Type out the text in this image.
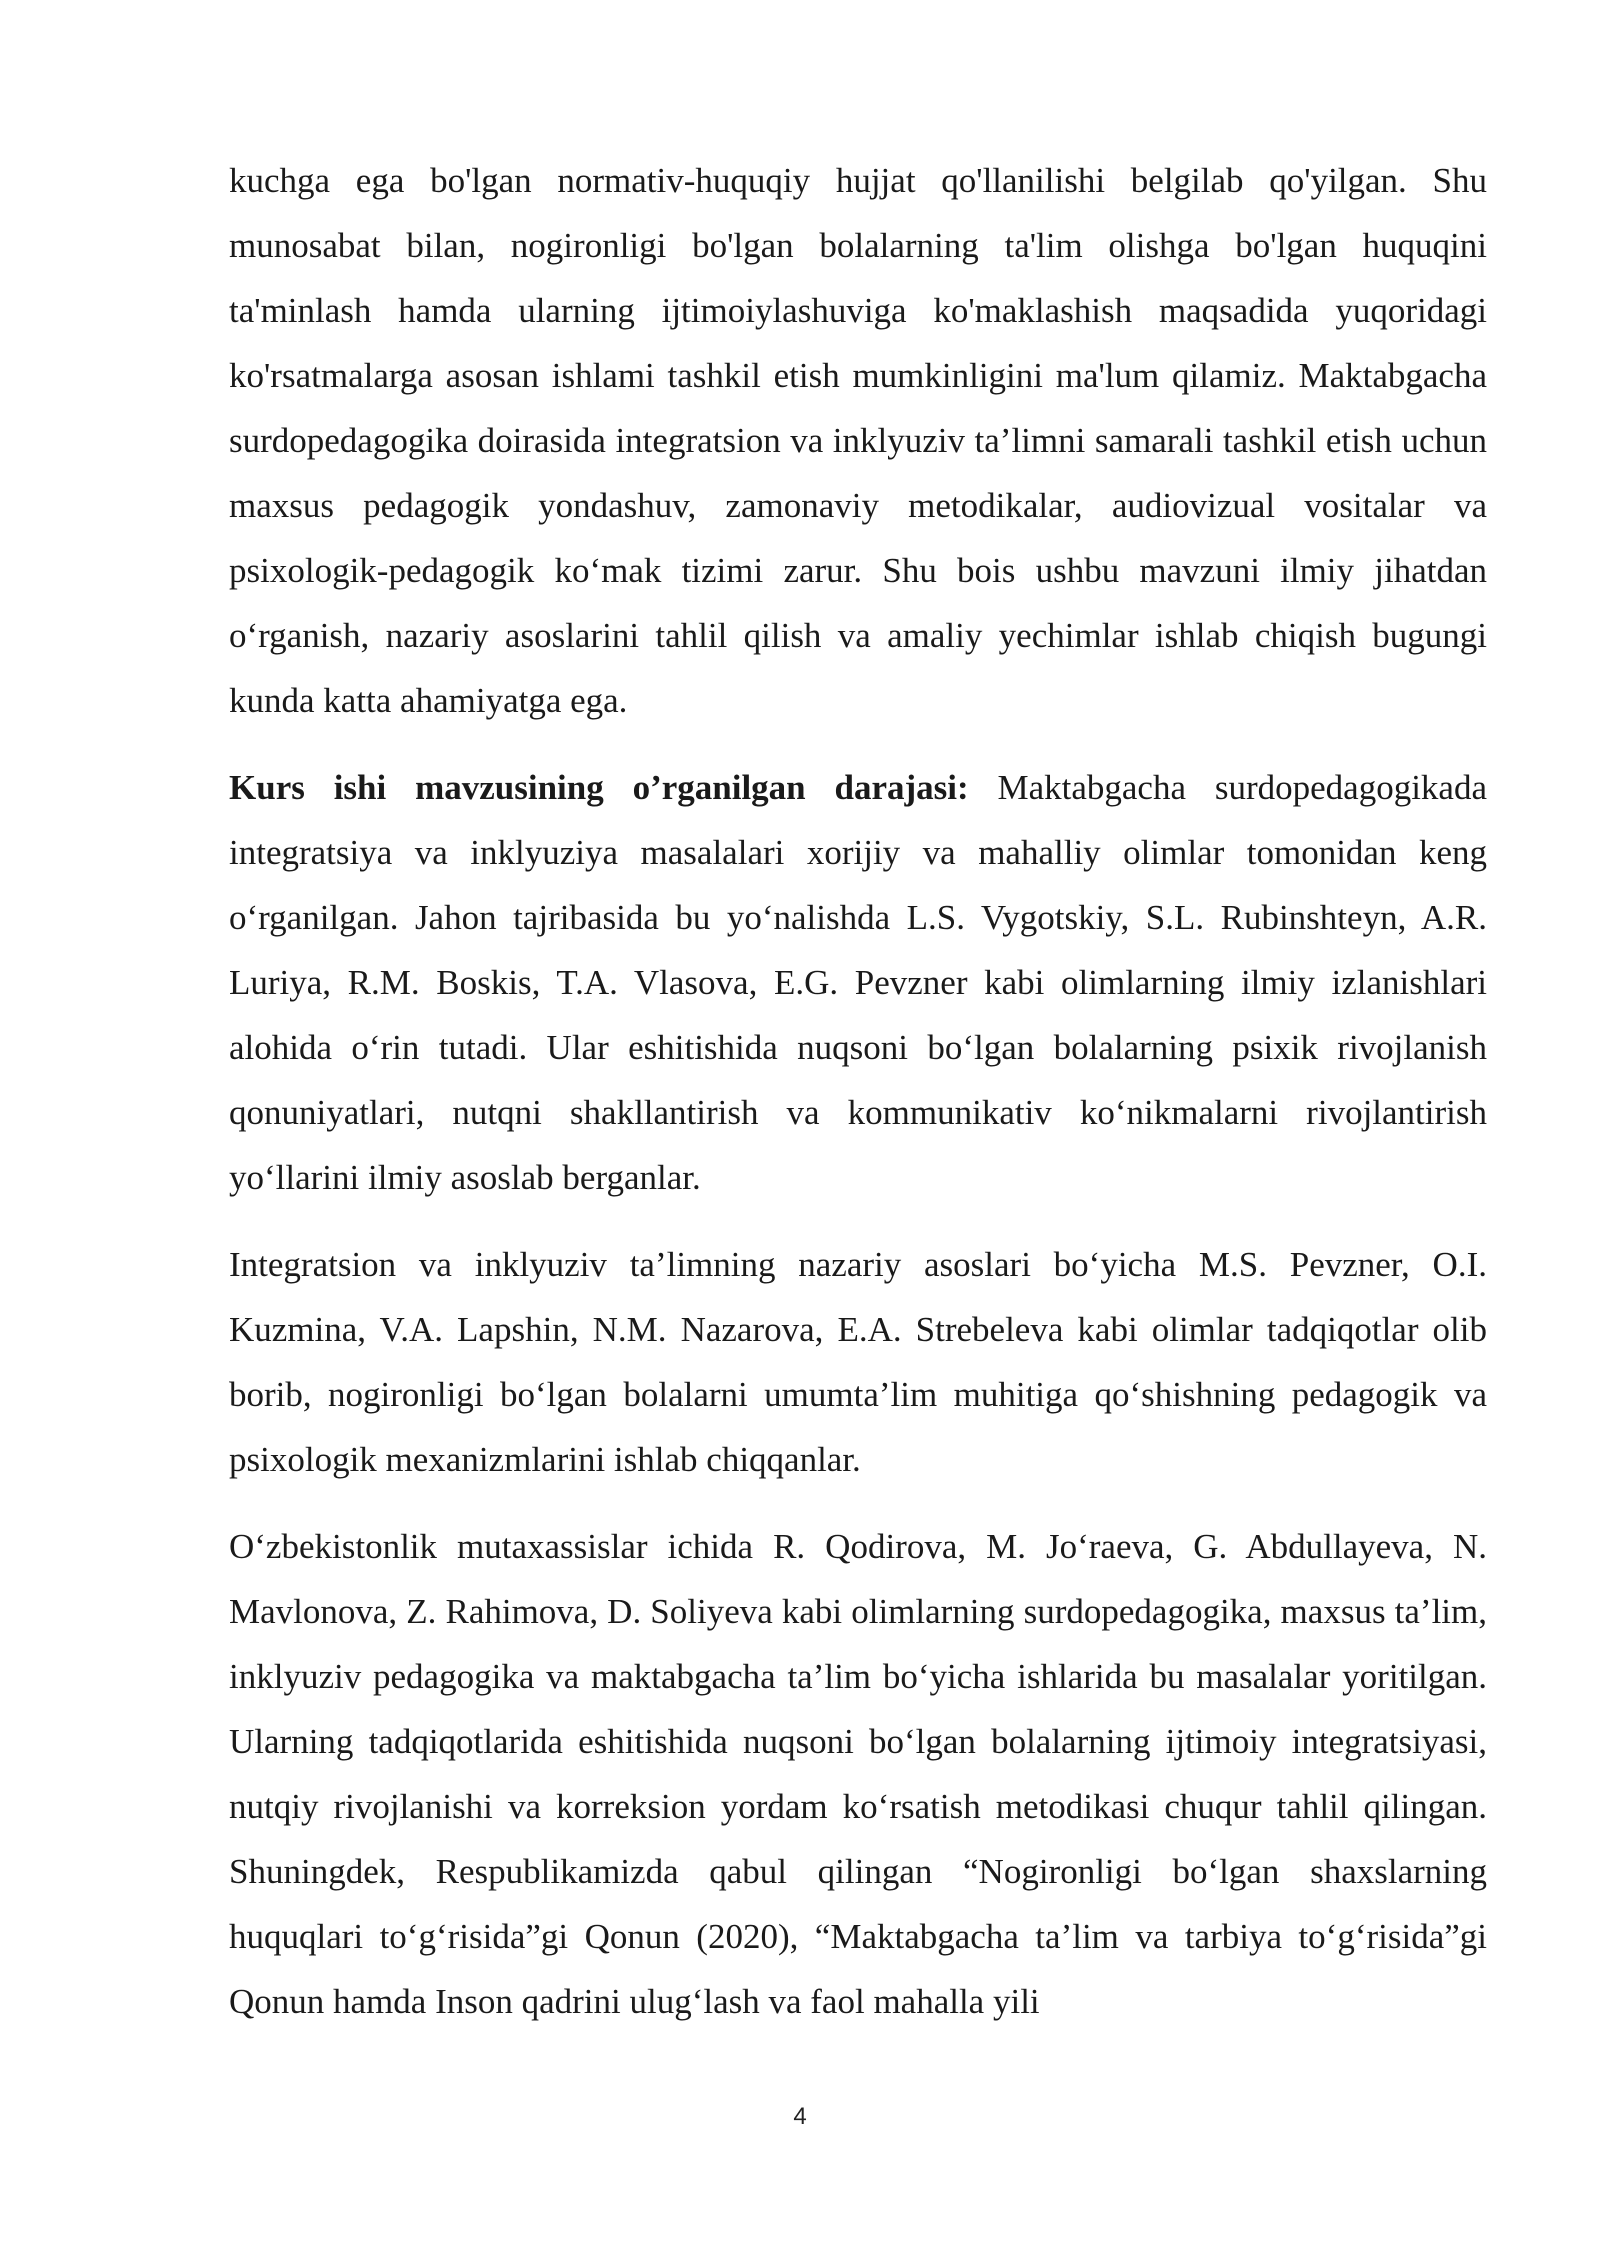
kuchga ega bo'lgan normativ-huquqiy hujjat qo'llanilishi belgilab qo'yilgan. Shu munosabat bilan, nogironligi bo'lgan bolalarning ta'lim olishga bo'lgan huquqini ta'minlash hamda ularning ijtimoiylashuviga ko'maklashish maqsadida yuqoridagi ko'rsatmalarga asosan ishlami tashkil etish mumkinligini ma'lum qilamiz. Maktabgacha surdopedagogika doirasida integratsion va inklyuziv ta’limni samarali tashkil etish uchun maxsus pedagogik yondashuv, zamonaviy metodikalar, audiovizual vositalar va psixologik-pedagogik ko‘mak tizimi zarur. Shu bois ushbu mavzuni ilmiy jihatdan o‘rganish, nazariy asoslarini tahlil qilish va amaliy yechimlar ishlab chiqish bugungi kunda katta ahamiyatga ega.

Kurs ishi mavzusining o’rganilgan darajasi: Maktabgacha surdopedagogikada integratsiya va inklyuziya masalalari xorijiy va mahalliy olimlar tomonidan keng o‘rganilgan. Jahon tajribasida bu yo‘nalishda L.S. Vygotskiy, S.L. Rubinshteyn, A.R. Luriya, R.M. Boskis, T.A. Vlasova, E.G. Pevzner kabi olimlarning ilmiy izlanishlari alohida o‘rin tutadi. Ular eshitishida nuqsoni bo‘lgan bolalarning psixik rivojlanish qonuniyatlari, nutqni shakllantirish va kommunikativ ko‘nikmalarni rivojlantirish yo‘llarini ilmiy asoslab berganlar.

Integratsion va inklyuziv ta’limning nazariy asoslari bo‘yicha M.S. Pevzner, O.I. Kuzmina, V.A. Lapshin, N.M. Nazarova, E.A. Strebeleva kabi olimlar tadqiqotlar olib borib, nogironligi bo‘lgan bolalarni umumta’lim muhitiga qo‘shishning pedagogik va psixologik mexanizmlarini ishlab chiqqanlar.

O‘zbekistonlik mutaxassislar ichida R. Qodirova, M. Jo‘raeva, G. Abdullayeva, N. Mavlonova, Z. Rahimova, D. Soliyeva kabi olimlarning surdopedagogika, maxsus ta’lim, inklyuziv pedagogika va maktabgacha ta’lim bo‘yicha ishlarida bu masalalar yoritilgan. Ularning tadqiqotlarida eshitishida nuqsoni bo‘lgan bolalarning ijtimoiy integratsiyasi, nutqiy rivojlanishi va korreksion yordam ko‘rsatish metodikasi chuqur tahlil qilingan. Shuningdek, Respublikamizda qabul qilingan “Nogironligi bo‘lgan shaxslarning huquqlari to‘g‘risida”gi Qonun (2020), “Maktabgacha ta’lim va tarbiya to‘g‘risida”gi Qonun hamda Inson qadrini ulug‘lash va faol mahalla yili

4
